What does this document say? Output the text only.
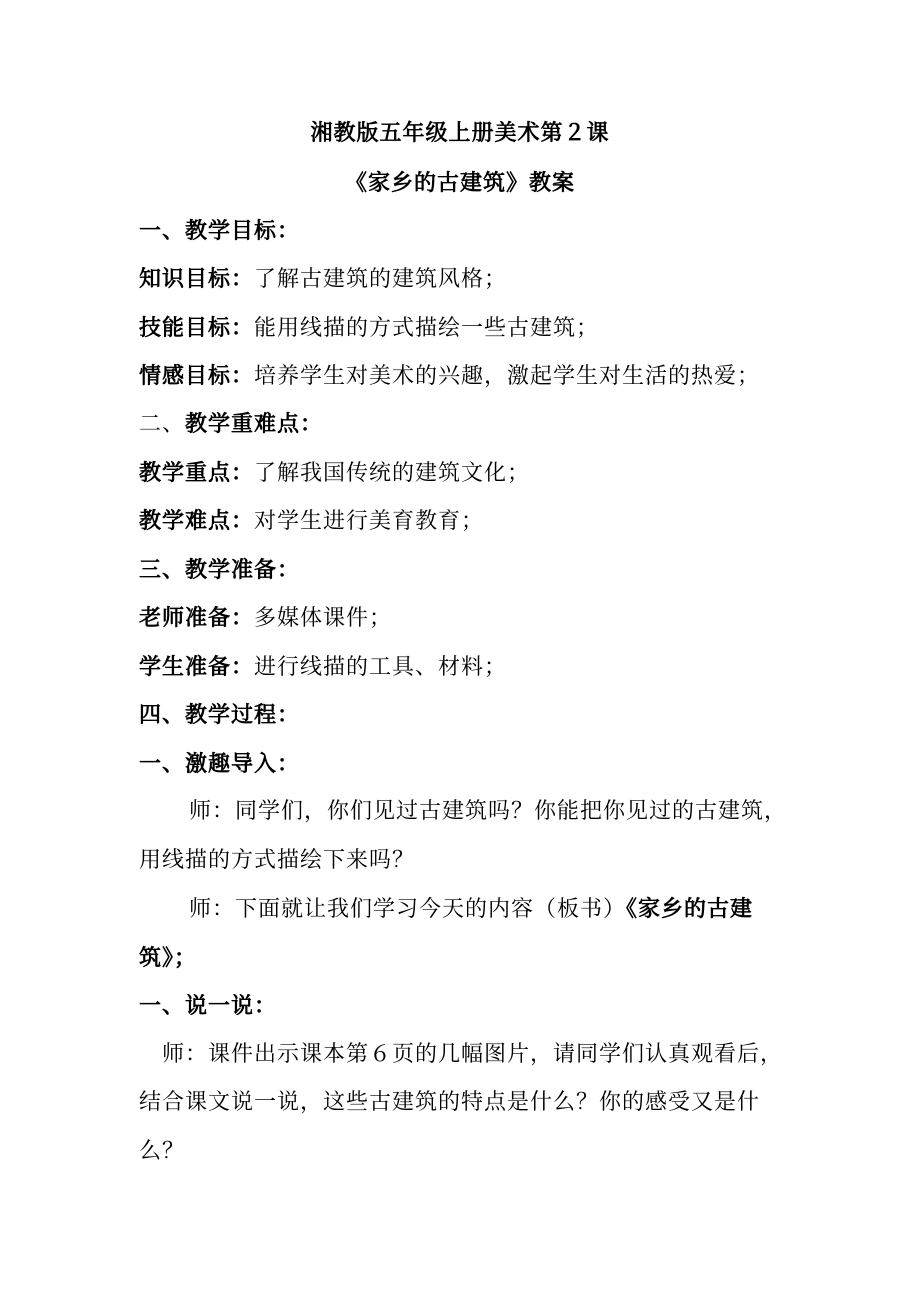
湘教版五年级上册美术第２课
《家乡的古建筑》教案
一、教学目标：
知识目标：了解古建筑的建筑风格；
技能目标：能用线描的方式描绘一些古建筑；
情感目标：培养学生对美术的兴趣，激起学生对生活的热爱；
二、教学重难点：
教学重点：了解我国传统的建筑文化；
教学难点：对学生进行美育教育；
三、教学准备：
老师准备：多媒体课件；
学生准备：进行线描的工具、材料；
四、教学过程：
一、激趣导入：
师：同学们，你们见过古建筑吗？你能把你见过的古建筑，
用线描的方式描绘下来吗？
师：下面就让我们学习今天的内容（板书）《家乡的古建
筑》；
一、说一说：
师：课件出示课本第６页的几幅图片，请同学们认真观看后，
结合课文说一说，这些古建筑的特点是什么？你的感受又是什
么？
